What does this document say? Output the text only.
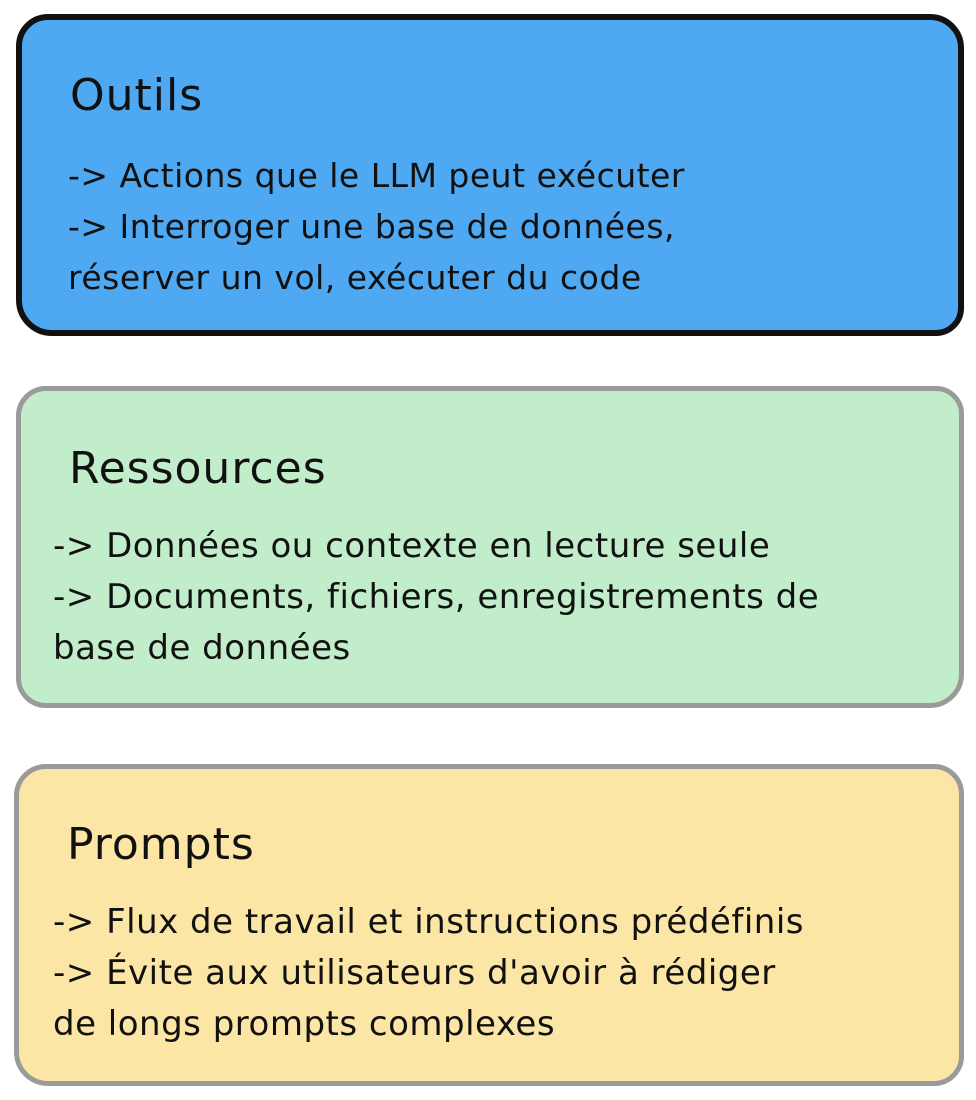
Outils
-> Actions que le LLM peut exécuter
-> Interroger une base de données,
réserver un vol, exécuter du code
Ressources
-> Données ou contexte en lecture seule
-> Documents, fichiers, enregistrements de
base de données
Prompts
-> Flux de travail et instructions prédéfinis
-> Évite aux utilisateurs d'avoir à rédiger
de longs prompts complexes
